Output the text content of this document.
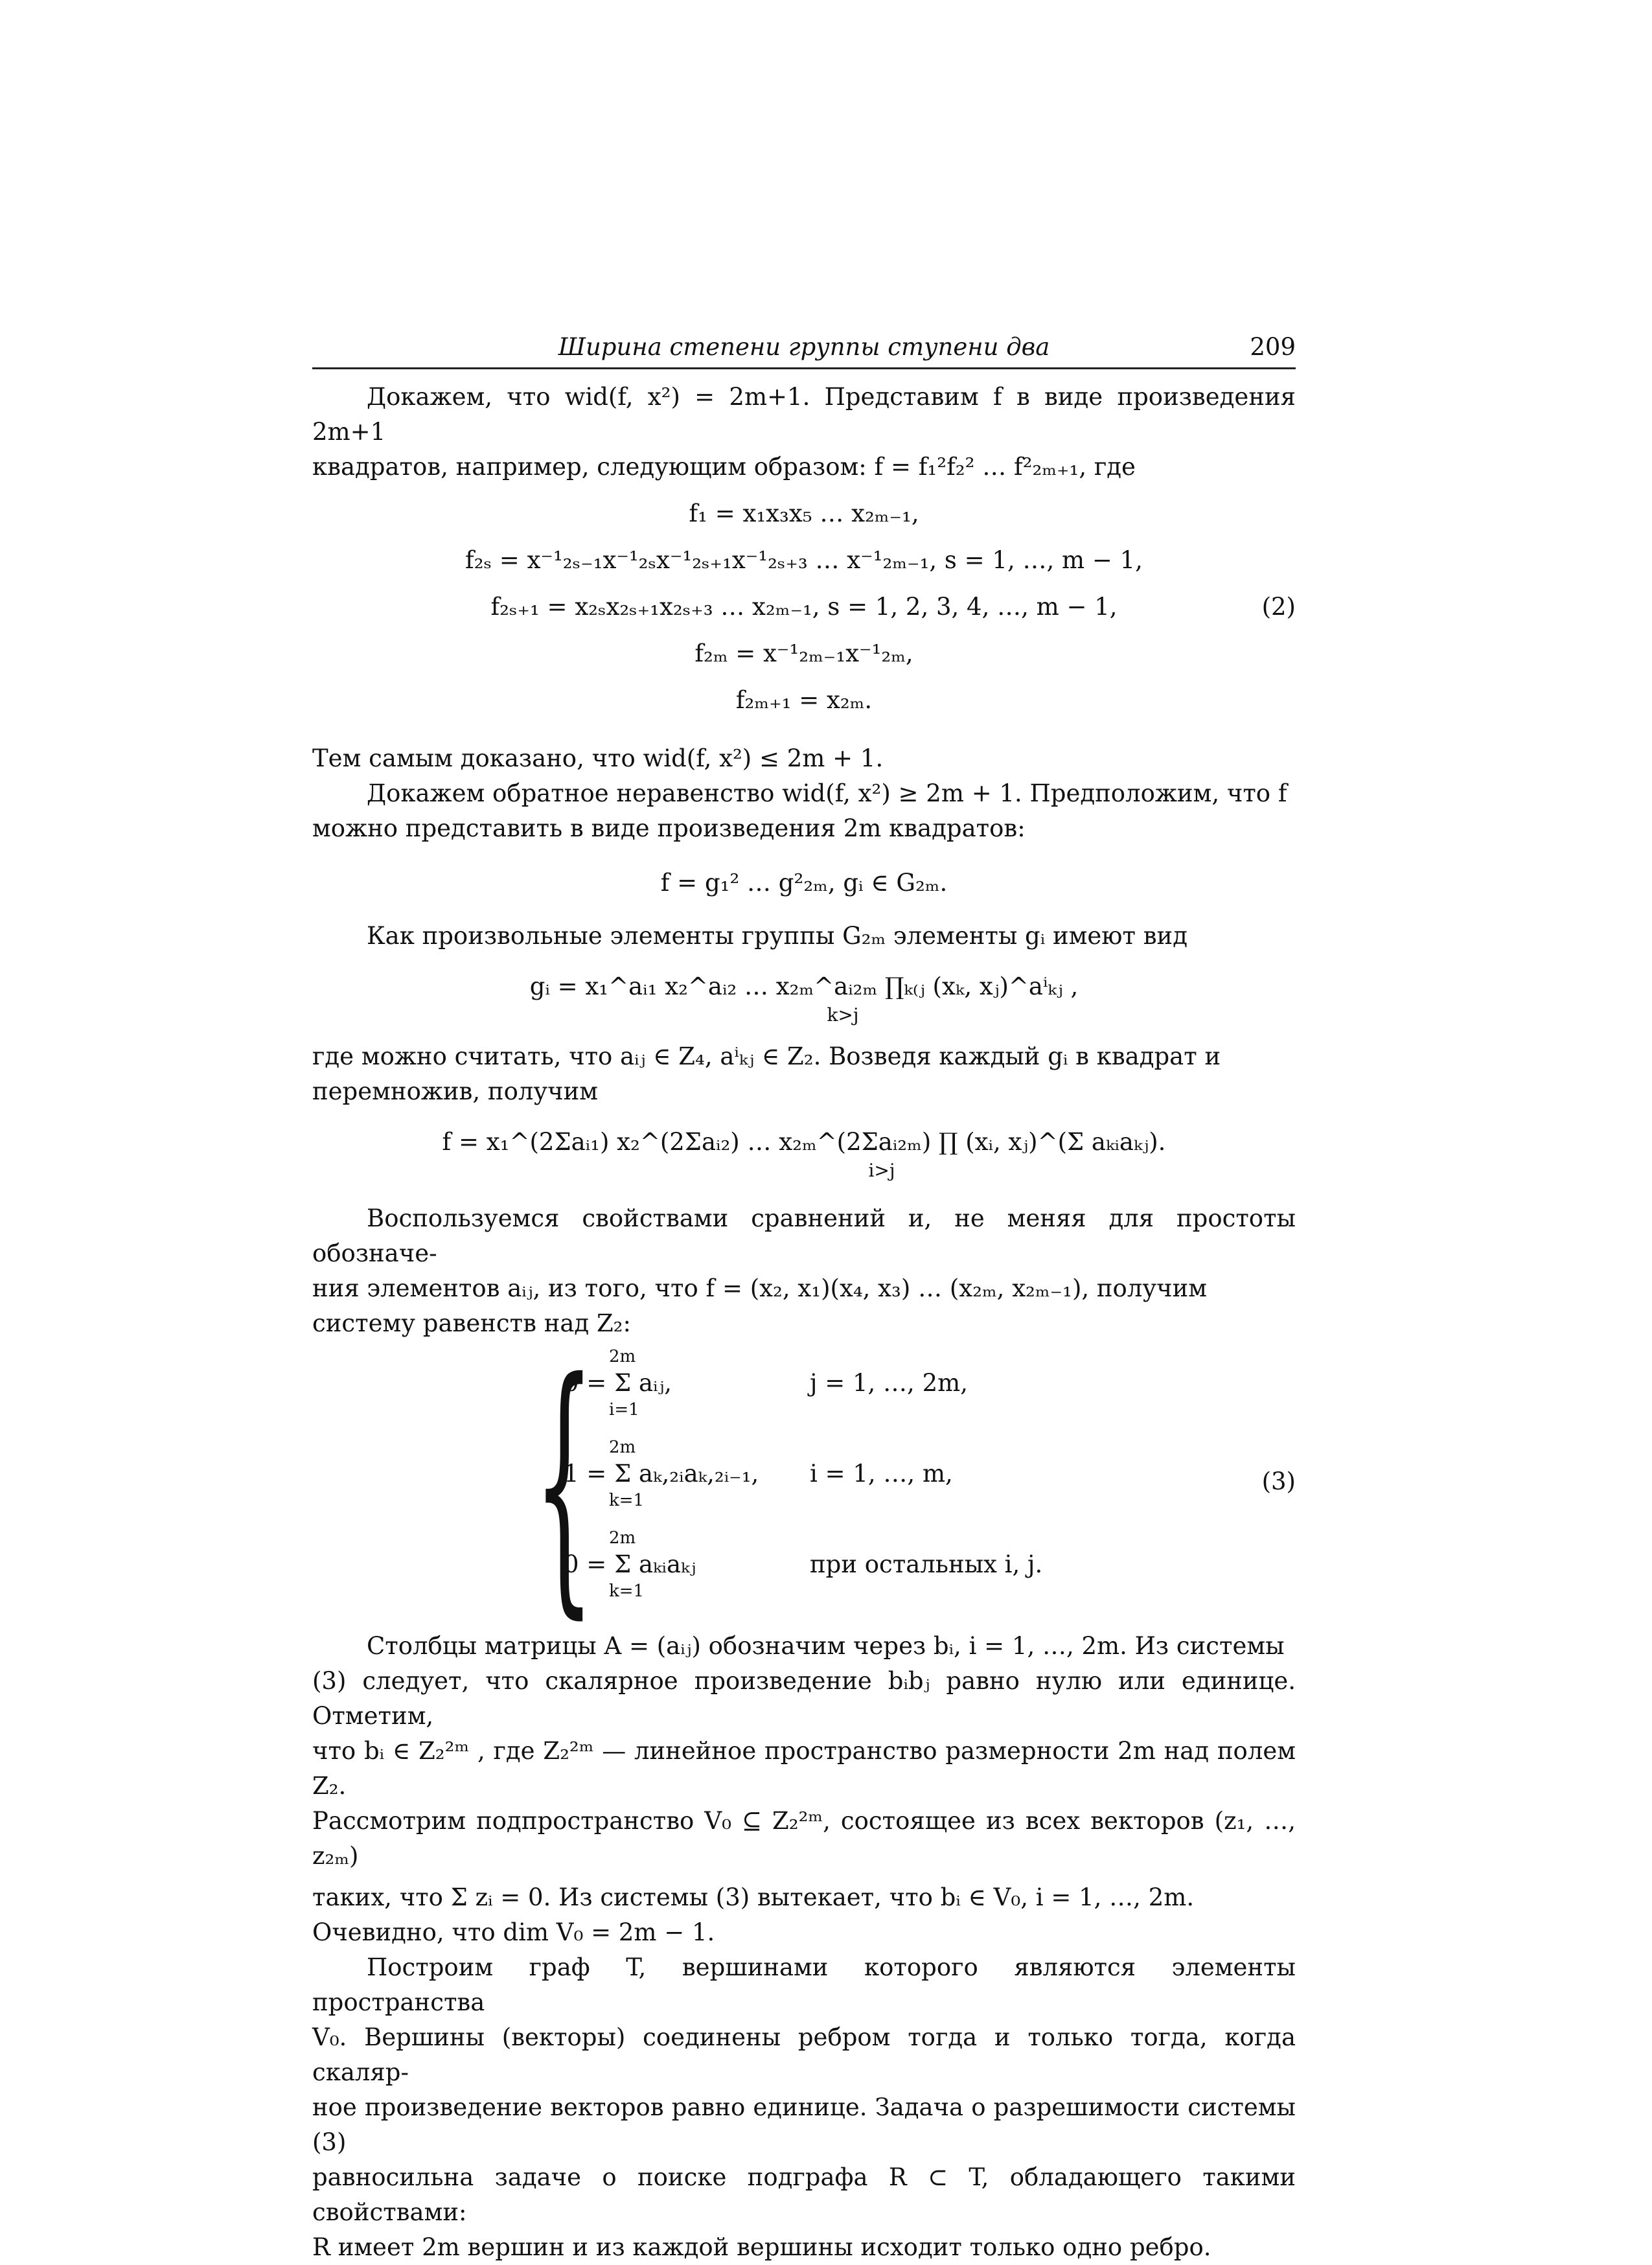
Ширина степени группы ступени два	209

Докажем, что wid(f, x²) = 2m+1. Представим f в виде произведения 2m+1

квадратов, например, следующим образом: f = f₁²f₂² … f²₂ₘ₊₁, где

f₁ = x₁x₃x₅ … x₂ₘ₋₁,
f₂ₛ = x⁻¹₂ₛ₋₁x⁻¹₂ₛx⁻¹₂ₛ₊₁x⁻¹₂ₛ₊₃ … x⁻¹₂ₘ₋₁, s = 1, …, m − 1,
f₂ₛ₊₁ = x₂ₛx₂ₛ₊₁x₂ₛ₊₃ … x₂ₘ₋₁, s = 1, 2, 3, 4, …, m − 1,	(2)
f₂ₘ = x⁻¹₂ₘ₋₁x⁻¹₂ₘ,
f₂ₘ₊₁ = x₂ₘ.

Тем самым доказано, что wid(f, x²) ≤ 2m + 1.

Докажем обратное неравенство wid(f, x²) ≥ 2m + 1. Предположим, что f

можно представить в виде произведения 2m квадратов:

f = g₁² … g²₂ₘ, gᵢ ∈ G₂ₘ.

Как произвольные элементы группы G₂ₘ элементы gᵢ имеют вид

gᵢ = x₁^aᵢ₁ x₂^aᵢ₂ … x₂ₘ^aᵢ₂ₘ ∏ₖ₍ⱼ (xₖ, xⱼ)^aⁱₖⱼ ,
k>j

где можно считать, что aᵢⱼ ∈ Z₄, aⁱₖⱼ ∈ Z₂. Возведя каждый gᵢ в квадрат и

перемножив, получим

f = x₁^(2Σaᵢ₁) x₂^(2Σaᵢ₂) … x₂ₘ^(2Σaᵢ₂ₘ) ∏ (xᵢ, xⱼ)^(Σ aₖᵢaₖⱼ).
i>j

Воспользуемся свойствами сравнений и, не меняя для простоты обозначе-

ния элементов aᵢⱼ, из того, что f = (x₂, x₁)(x₄, x₃) … (x₂ₘ, x₂ₘ₋₁), получим

систему равенств над Z₂:

{ 2m
0 = Σ aᵢⱼ,	j = 1, …, 2m,
i=1
2m
1 = Σ aₖ,₂ᵢaₖ,₂ᵢ₋₁, i = 1, …, m,
k=1
2m
0 = Σ aₖᵢaₖⱼ	при остальных i, j.
k=1
(3)

Столбцы матрицы A = (aᵢⱼ) обозначим через bᵢ, i = 1, …, 2m. Из системы

(3) следует, что скалярное произведение bᵢbⱼ равно нулю или единице. Отметим,

что bᵢ ∈ Z₂²ᵐ , где Z₂²ᵐ — линейное пространство размерности 2m над полем Z₂.

Рассмотрим подпространство V₀ ⊆ Z₂²ᵐ, состоящее из всех векторов (z₁, …, z₂ₘ)

таких, что Σ zᵢ = 0. Из системы (3) вытекает, что bᵢ ∈ V₀, i = 1, …, 2m.

Очевидно, что dim V₀ = 2m − 1.

Построим граф T, вершинами которого являются элементы пространства

V₀. Вершины (векторы) соединены ребром тогда и только тогда, когда скаляр-

ное произведение векторов равно единице. Задача о разрешимости системы (3)

равносильна задаче о поиске подграфа R ⊂ T, обладающего такими свойствами:

R имеет 2m вершин и из каждой вершины исходит только одно ребро.
